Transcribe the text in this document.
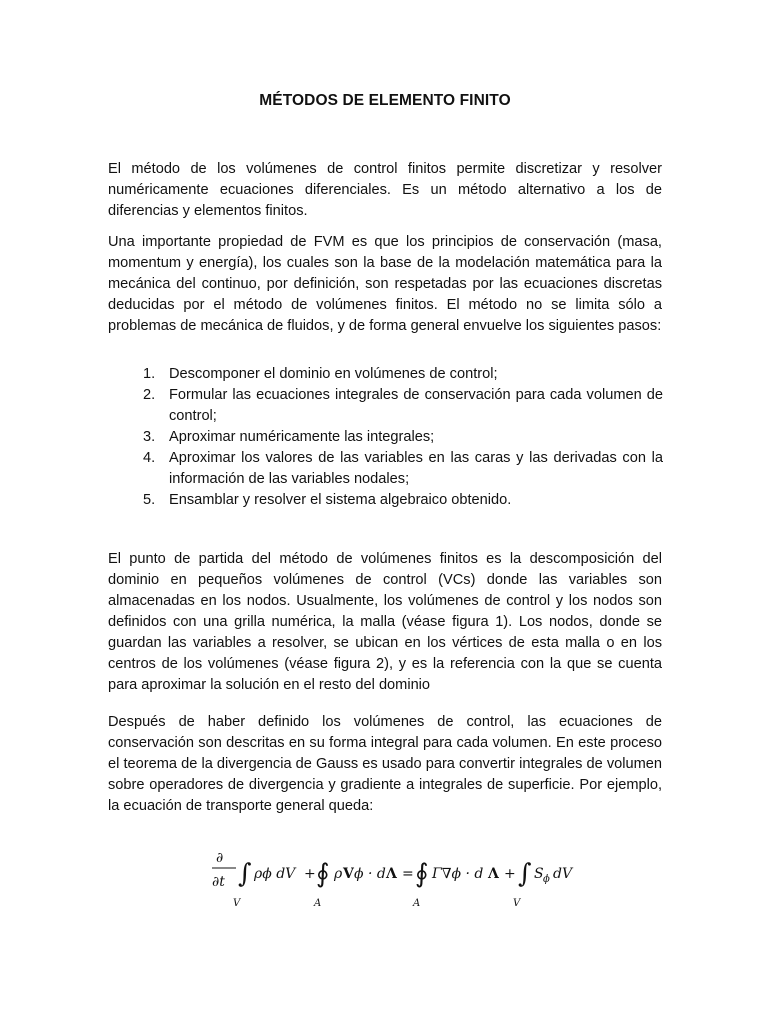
MÉTODOS DE ELEMENTO FINITO

El método de los volúmenes de control finitos permite discretizar y resolver numéricamente ecuaciones diferenciales. Es un método alternativo a los de diferencias y elementos finitos.

Una importante propiedad de FVM es que los principios de conservación (masa, momentum y energía), los cuales son la base de la modelación matemática para la mecánica del continuo, por definición, son respetadas por las ecuaciones discretas deducidas por el método de volúmenes finitos. El método no se limita sólo a problemas de mecánica de fluidos, y de forma general envuelve los siguientes pasos:

1. Descomponer el dominio en volúmenes de control;
2. Formular las ecuaciones integrales de conservación para cada volumen de control;
3. Aproximar numéricamente las integrales;
4. Aproximar los valores de las variables en las caras y las derivadas con la información de las variables nodales;
5. Ensamblar y resolver el sistema algebraico obtenido.

El punto de partida del método de volúmenes finitos es la descomposición del dominio en pequeños volúmenes de control (VCs) donde las variables son almacenadas en los nodos. Usualmente, los volúmenes de control y los nodos son definidos con una grilla numérica, la malla (véase figura 1). Los nodos, donde se guardan las variables a resolver, se ubican en los vértices de esta malla o en los centros de los volúmenes (véase figura 2), y es la referencia con la que se cuenta para aproximar la solución en el resto del dominio

Después de haber definido los volúmenes de control, las ecuaciones de conservación son descritas en su forma integral para cada volumen. En este proceso el teorema de la divergencia de Gauss es usado para convertir integrales de volumen sobre operadores de divergencia y gradiente a integrales de superficie. Por ejemplo, la ecuación de transporte general queda:

∂
∂t ∫
V
ρϕ dV + ∮
A
ρ V ϕ · d Λ = ∮
A
Γ∇ϕ · d Λ + ∫
V
S ϕ dV
